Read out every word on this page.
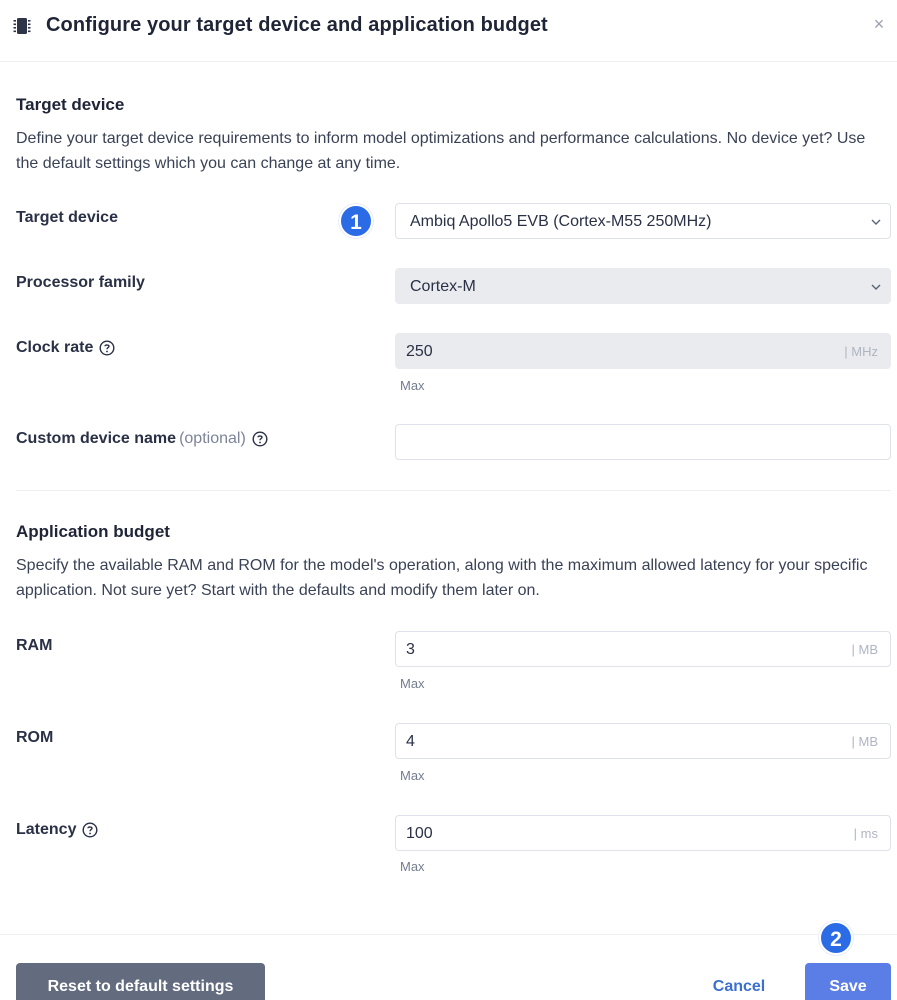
Configure your target device and application budget	×
Target device
Define your target device requirements to inform model optimizations and performance calculations. No device yet? Use the default settings which you can change at any time.
Target device	1	Ambiq Apollo5 EVB (Cortex-M55 250MHz)
Processor family	Cortex-M
Clock rate	250	| MHz
Max
Custom device name (optional)
Application budget
Specify the available RAM and ROM for the model's operation, along with the maximum allowed latency for your specific application. Not sure yet? Start with the defaults and modify them later on.
RAM	3	| MB
Max
ROM	4	| MB
Max
Latency	100	| ms
Max
Reset to default settings	Cancel	Save
2
